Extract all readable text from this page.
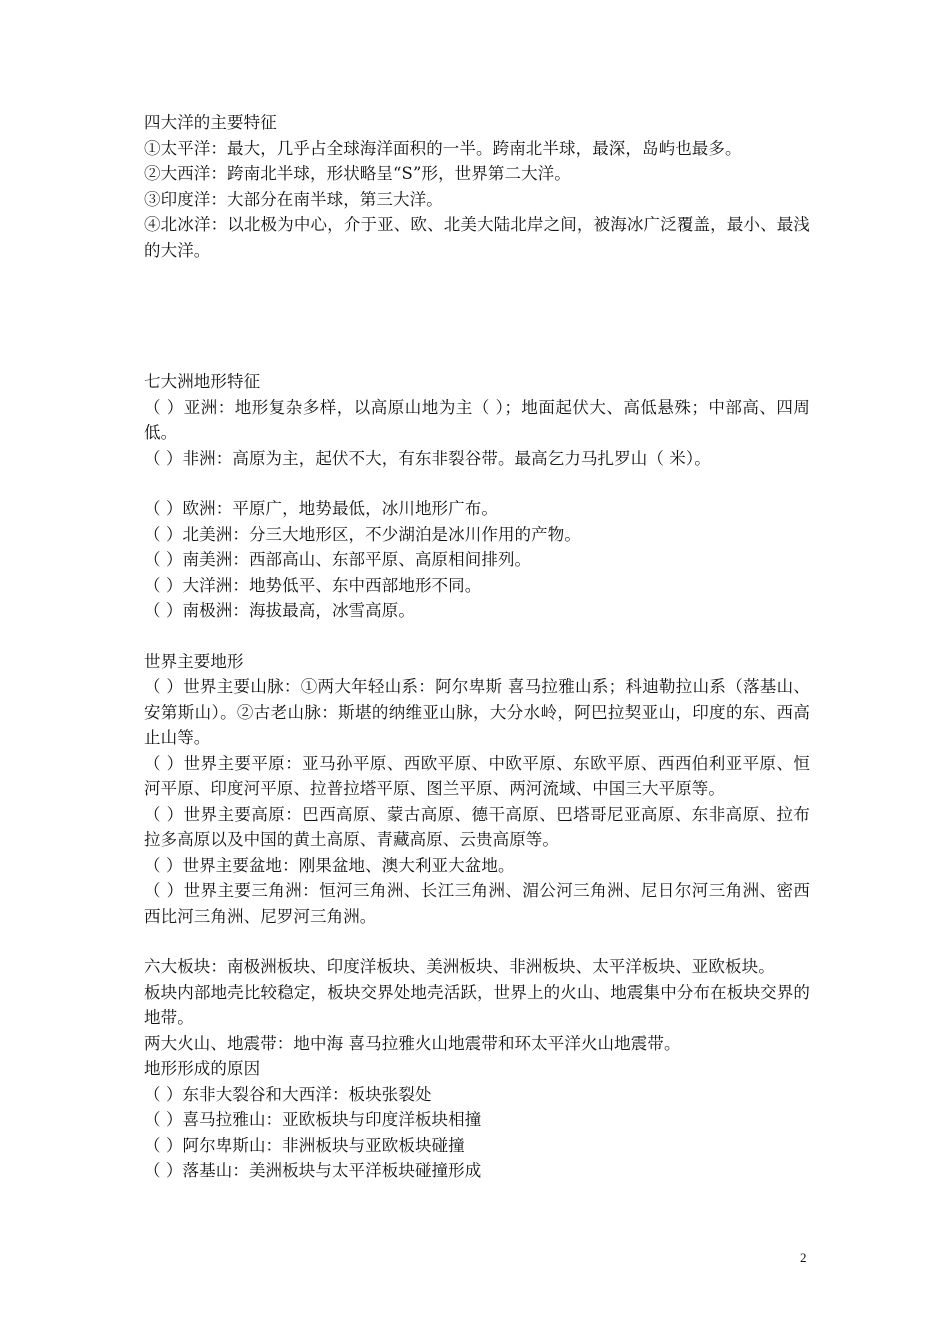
四大洋的主要特征

①太平洋：最大，几乎占全球海洋面积的一半。跨南北半球，最深，岛屿也最多。

②大西洋：跨南北半球，形状略呈“S”形，世界第二大洋。

③印度洋：大部分在南半球，第三大洋。

④北冰洋：以北极为中心，介于亚、欧、北美大陆北岸之间，被海冰广泛覆盖，最小、最浅的大洋。

七大洲地形特征

（ ）亚洲：地形复杂多样，以高原山地为主（ ）；地面起伏大、高低悬殊；中部高、四周低。

（ ）非洲：高原为主，起伏不大，有东非裂谷带。最高乞力马扎罗山（ 米）。

（ ）欧洲：平原广，地势最低，冰川地形广布。

（ ）北美洲：分三大地形区，不少湖泊是冰川作用的产物。

（ ）南美洲：西部高山、东部平原、高原相间排列。

（ ）大洋洲：地势低平、东中西部地形不同。

（ ）南极洲：海拔最高，冰雪高原。

世界主要地形

（ ）世界主要山脉：①两大年轻山系：阿尔卑斯 喜马拉雅山系；科迪勒拉山系（落基山、安第斯山）。②古老山脉：斯堪的纳维亚山脉，大分水岭，阿巴拉契亚山，印度的东、西高止山等。

（ ）世界主要平原：亚马孙平原、西欧平原、中欧平原、东欧平原、西西伯利亚平原、恒河平原、印度河平原、拉普拉塔平原、图兰平原、两河流域、中国三大平原等。

（ ）世界主要高原：巴西高原、蒙古高原、德干高原、巴塔哥尼亚高原、东非高原、拉布拉多高原以及中国的黄土高原、青藏高原、云贵高原等。

（ ）世界主要盆地：刚果盆地、澳大利亚大盆地。

（ ）世界主要三角洲：恒河三角洲、长江三角洲、湄公河三角洲、尼日尔河三角洲、密西西比河三角洲、尼罗河三角洲。

六大板块：南极洲板块、印度洋板块、美洲板块、非洲板块、太平洋板块、亚欧板块。

板块内部地壳比较稳定，板块交界处地壳活跃，世界上的火山、地震集中分布在板块交界的地带。

两大火山、地震带：地中海 喜马拉雅火山地震带和环太平洋火山地震带。

地形形成的原因

（ ）东非大裂谷和大西洋：板块张裂处

（ ）喜马拉雅山：亚欧板块与印度洋板块相撞

（ ）阿尔卑斯山：非洲板块与亚欧板块碰撞

（ ）落基山：美洲板块与太平洋板块碰撞形成

2
